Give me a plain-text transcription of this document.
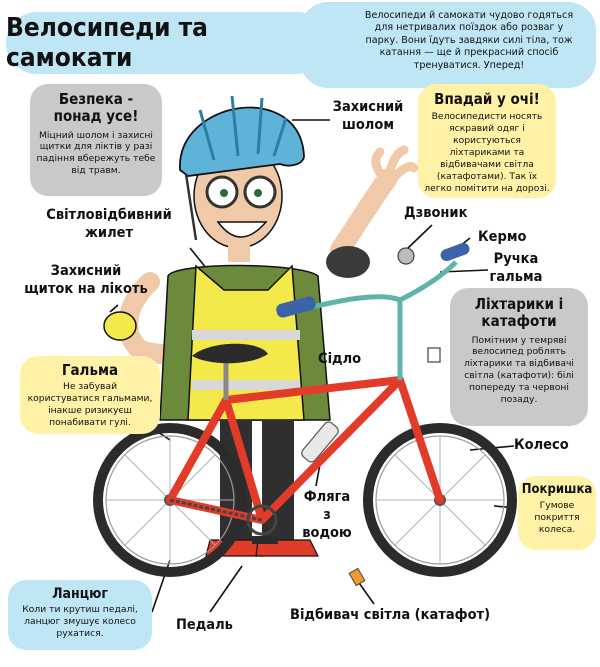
Велосипеди та самокати
Велосипеди й самокати чудово годяться для нетривалих поїздок або розваг у парку. Вони їдуть завдяки силі тіла, тож катання — ще й прекрасний спосіб тренуватися. Уперед!
Безпека - понад усе!
Міцний шолом і захисні щитки для ліктів у разі падіння вбережуть тебе від травм.
Впадай у очі!
Велосипедисти носять яскравий одяг і користуються ліхтариками та відбивачами світла (катафотами). Так їх легко помітити на дорозі.
Ліхтарики і катафоти
Помітним у темряві велосипед роблять ліхтарики та відбивачі світла (катафоти): білі попереду та червоні позаду.
Гальма
Не забувай користуватися гальмами, інакше ризикуєш понабивати гулі.
Покришка
Гумове покриття колеса.
Ланцюг
Коли ти крутиш педалі, ланцюг змушує колесо рухатися.
Захисний шолом
Світловідбивний жилет
Захисний щиток на лікоть
Дзвоник
Кермо
Ручка гальма
Сідло
Колесо
Фляга з водою
Педаль
Відбивач світла (катафот)
